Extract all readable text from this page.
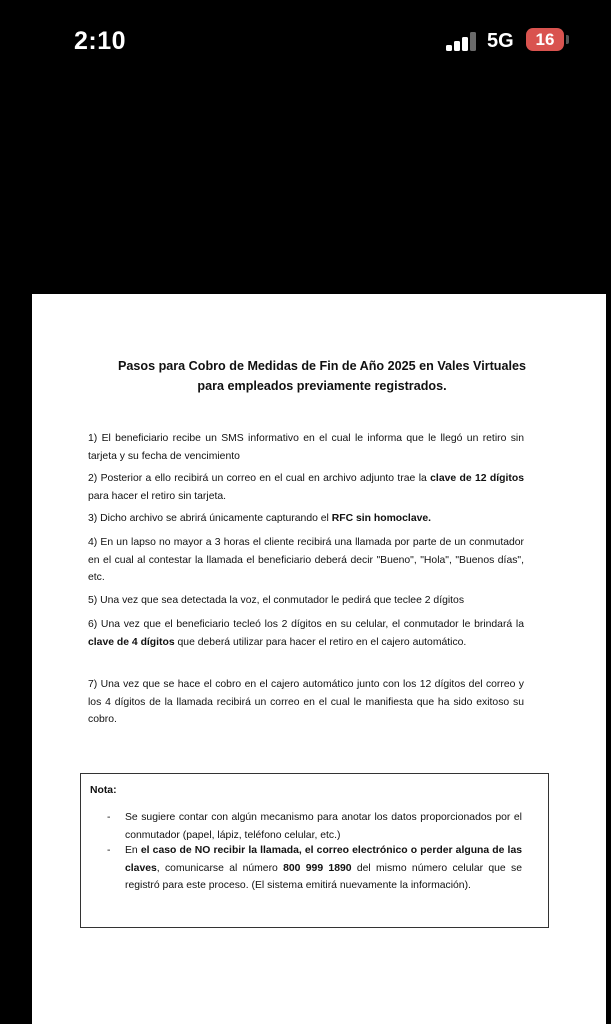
2:10	5G	16
Pasos para Cobro de Medidas de Fin de Año 2025 en Vales Virtuales
para empleados previamente registrados.
1) El beneficiario recibe un SMS informativo en el cual le informa que le llegó un retiro sin tarjeta y su fecha de vencimiento
2) Posterior a ello recibirá un correo en el cual en archivo adjunto trae la clave de 12 dígitos para hacer el retiro sin tarjeta.
3) Dicho archivo se abrirá únicamente capturando el RFC sin homoclave.
4) En un lapso no mayor a 3 horas el cliente recibirá una llamada por parte de un conmutador en el cual al contestar la llamada el beneficiario deberá decir "Bueno", "Hola", "Buenos días", etc.
5) Una vez que sea detectada la voz, el conmutador le pedirá que teclee 2 dígitos
6) Una vez que el beneficiario tecleó los 2 dígitos en su celular, el conmutador le brindará la clave de 4 dígitos que deberá utilizar para hacer el retiro en el cajero automático.
7) Una vez que se hace el cobro en el cajero automático junto con los 12 dígitos del correo y los 4 dígitos de la llamada recibirá un correo en el cual le manifiesta que ha sido exitoso su cobro.
Nota:
- Se sugiere contar con algún mecanismo para anotar los datos proporcionados por el conmutador (papel, lápiz, teléfono celular, etc.)
- En el caso de NO recibir la llamada, el correo electrónico o perder alguna de las claves, comunicarse al número 800 999 1890 del mismo número celular que se registró para este proceso. (El sistema emitirá nuevamente la información).
